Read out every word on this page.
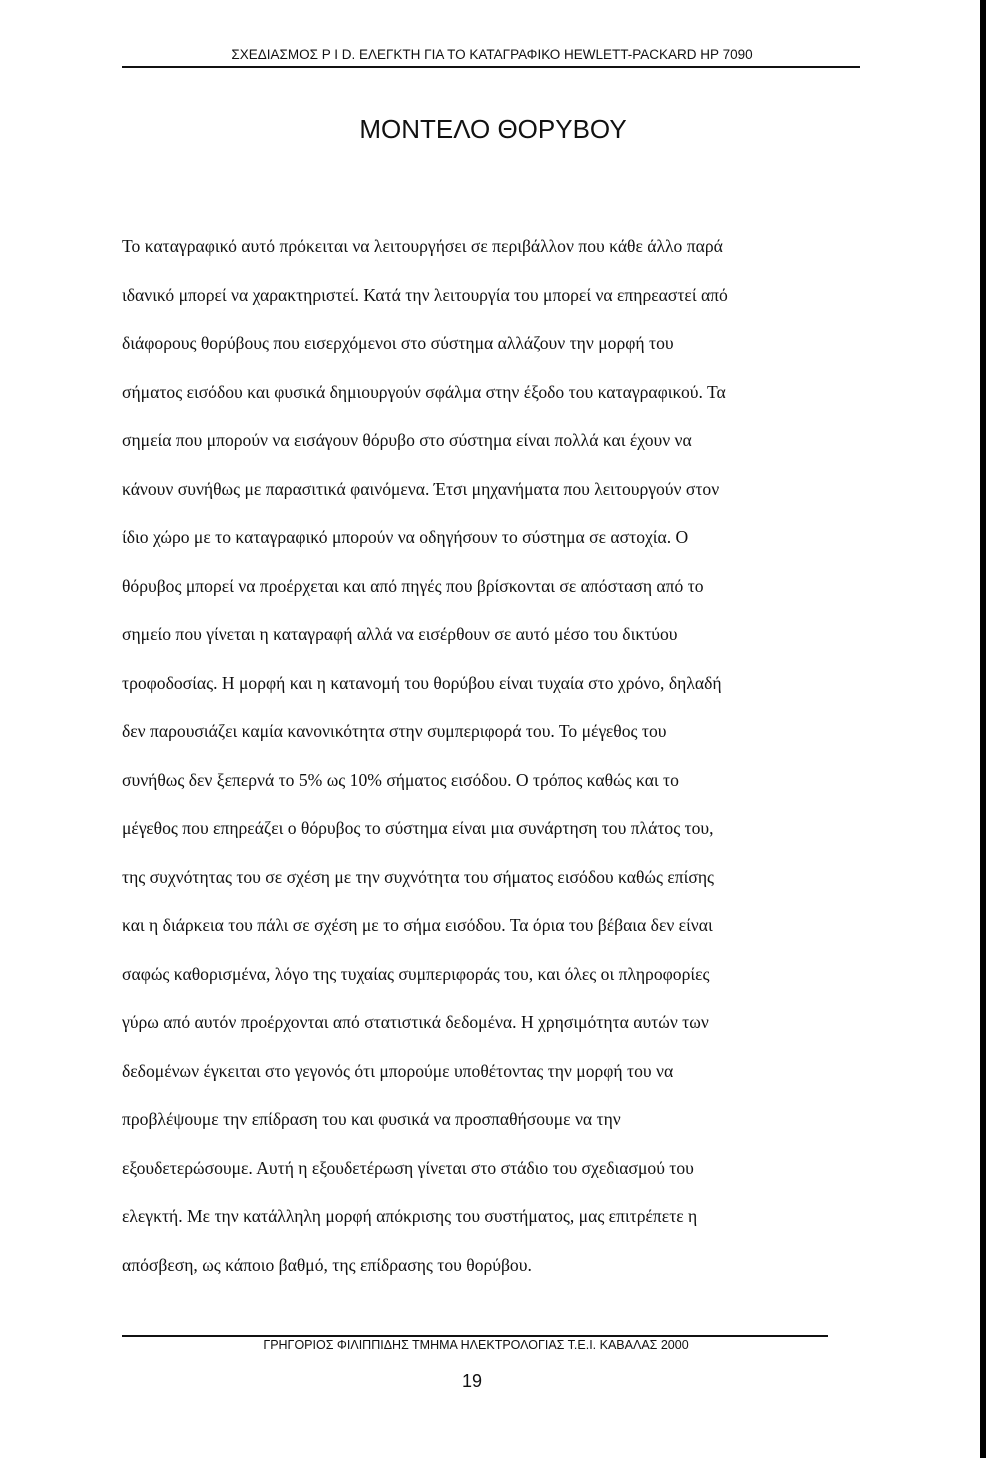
ΣΧΕΔΙΑΣΜΟΣ Ρ Ι D. ΕΛΕΓΚΤΗ ΓΙΑ ΤΟ ΚΑΤΑΓΡΑΦΙΚΟ HEWLETT-PACKARD HP 7090
ΜΟΝΤΕΛΟ ΘΟΡΥΒΟΥ
Το καταγραφικό αυτό πρόκειται να λειτουργήσει σε περιβάλλον που κάθε άλλο παρά
ιδανικό μπορεί να χαρακτηριστεί. Κατά την λειτουργία του μπορεί να επηρεαστεί από
διάφορους θορύβους που εισερχόμενοι στο σύστημα αλλάζουν την μορφή του
σήματος εισόδου και φυσικά δημιουργούν σφάλμα στην έξοδο του καταγραφικού. Τα
σημεία που μπορούν να εισάγουν θόρυβο στο σύστημα είναι πολλά και έχουν να
κάνουν συνήθως με παρασιτικά φαινόμενα. Έτσι μηχανήματα που λειτουργούν στον
ίδιο χώρο με το καταγραφικό μπορούν να οδηγήσουν το σύστημα σε αστοχία. Ο
θόρυβος μπορεί να προέρχεται και από πηγές που βρίσκονται σε απόσταση από το
σημείο που γίνεται η καταγραφή αλλά να εισέρθουν σε αυτό μέσο του δικτύου
τροφοδοσίας. Η μορφή και η κατανομή του θορύβου είναι τυχαία στο χρόνο, δηλαδή
δεν παρουσιάζει καμία κανονικότητα στην συμπεριφορά του. Το μέγεθος του
συνήθως δεν ξεπερνά το 5% ως 10% σήματος εισόδου. Ο τρόπος καθώς και το
μέγεθος που επηρεάζει ο θόρυβος το σύστημα είναι μια συνάρτηση του πλάτος του,
της συχνότητας του σε σχέση με την συχνότητα του σήματος εισόδου καθώς επίσης
και η διάρκεια του πάλι σε σχέση με το σήμα εισόδου. Τα όρια του βέβαια δεν είναι
σαφώς καθορισμένα, λόγο της τυχαίας συμπεριφοράς του, και όλες οι πληροφορίες
γύρω από αυτόν προέρχονται από στατιστικά δεδομένα. Η χρησιμότητα αυτών των
δεδομένων έγκειται στο γεγονός ότι μπορούμε υποθέτοντας την μορφή του να
προβλέψουμε την επίδραση του και φυσικά να προσπαθήσουμε να την
εξουδετερώσουμε. Αυτή η εξουδετέρωση γίνεται στο στάδιο του σχεδιασμού του
ελεγκτή. Με την κατάλληλη μορφή απόκρισης του συστήματος, μας επιτρέπετε η
απόσβεση, ως κάποιο βαθμό, της επίδρασης του θορύβου.
ΓΡΗΓΟΡΙΟΣ ΦΙΛΙΠΠΙΔΗΣ ΤΜΗΜΑ ΗΛΕΚΤΡΟΛΟΓΙΑΣ Τ.Ε.Ι. ΚΑΒΑΛΑΣ 2000
19
